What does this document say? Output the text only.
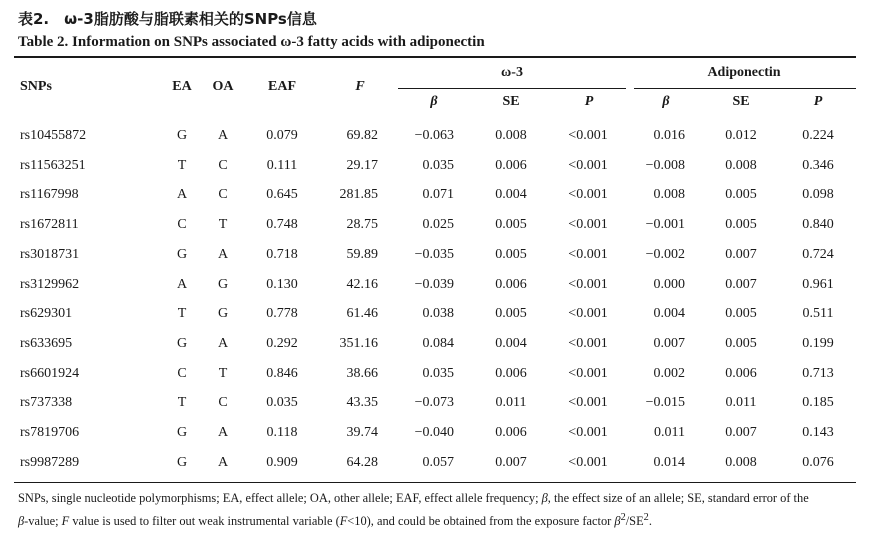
表2.　ω-3脂肪酸与脂联素相关的SNPs信息
Table 2. Information on SNPs associated ω-3 fatty acids with adiponectin
SNPs	EA OA EAF	F
ω-3	Adiponectin
β	SE	P	β	SE	P
rs10455872	G A	0.079	69.82	−0.063	0.008	<0.001	0.016	0.012	0.224
rs11563251	T C	0.111	29.17	0.035	0.006	<0.001	−0.008	0.008	0.346
rs1167998	A C	0.645	281.85	0.071	0.004	<0.001	0.008	0.005	0.098
rs1672811	C T	0.748	28.75	0.025	0.005	<0.001	−0.001	0.005	0.840
rs3018731	G A	0.718	59.89	−0.035	0.005	<0.001	−0.002	0.007	0.724
rs3129962	A G	0.130	42.16	−0.039	0.006	<0.001	0.000	0.007	0.961
rs629301	T G	0.778	61.46	0.038	0.005	<0.001	0.004	0.005	0.511
rs633695	G A	0.292	351.16	0.084	0.004	<0.001	0.007	0.005	0.199
rs6601924	C T	0.846	38.66	0.035	0.006	<0.001	0.002	0.006	0.713
rs737338	T C	0.035	43.35	−0.073	0.011	<0.001	−0.015	0.011	0.185
rs7819706	G A	0.118	39.74	−0.040	0.006	<0.001	0.011	0.007	0.143
rs9987289	G A	0.909	64.28	0.057	0.007	<0.001	0.014	0.008	0.076
SNPs, single nucleotide polymorphisms; EA, effect allele; OA, other allele; EAF, effect allele frequency; β, the effect size of an allele; SE, standard error of the
β-value; F value is used to filter out weak instrumental variable (F<10), and could be obtained from the exposure factor $\beta^2/SE^2$.
